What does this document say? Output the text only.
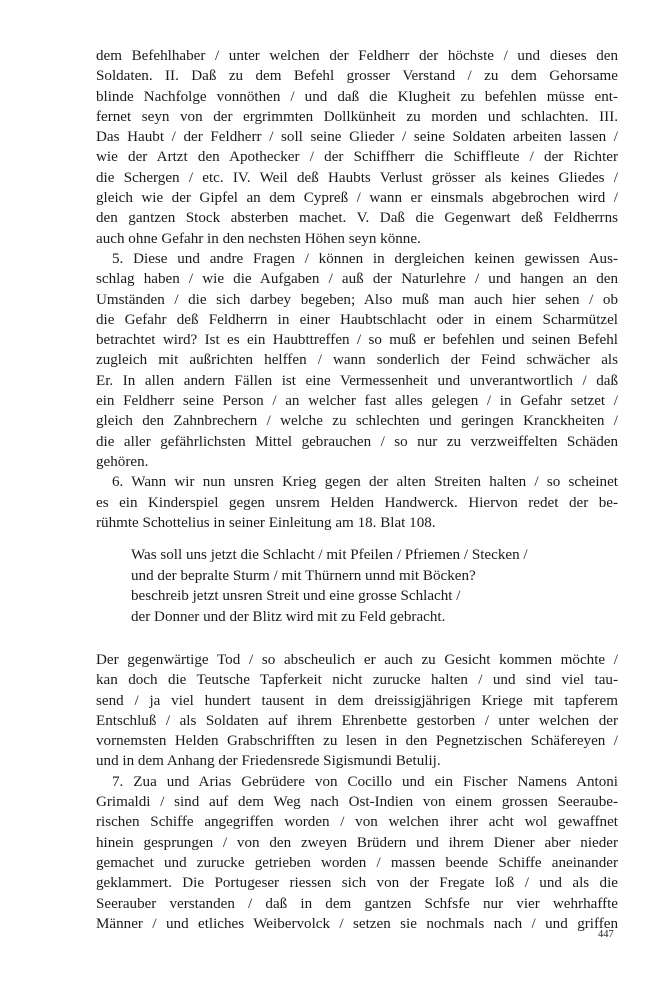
dem Befehlhaber / unter welchen der Feldherr der höchste / und dieses den
Soldaten. II. Daß zu dem Befehl grosser Verstand / zu dem Gehorsame
blinde Nachfolge vonnöthen / und daß die Klugheit zu befehlen müsse ent-
fernet seyn von der ergrimmten Dollkünheit zu morden und schlachten. III.
Das Haubt / der Feldherr / soll seine Glieder / seine Soldaten arbeiten lassen /
wie der Artzt den Apothecker / der Schiffherr die Schiffleute / der Richter
die Schergen / etc. IV. Weil deß Haubts Verlust grösser als keines Gliedes /
gleich wie der Gipfel an dem Cypreß / wann er einsmals abgebrochen wird /
den gantzen Stock absterben machet. V. Daß die Gegenwart deß Feldherrns
auch ohne Gefahr in den nechsten Höhen seyn könne.
5. Diese und andre Fragen / können in dergleichen keinen gewissen Aus-
schlag haben / wie die Aufgaben / auß der Naturlehre / und hangen an den
Umständen / die sich darbey begeben; Also muß man auch hier sehen / ob
die Gefahr deß Feldherrn in einer Haubtschlacht oder in einem Scharmützel
betrachtet wird? Ist es ein Haubttreffen / so muß er befehlen und seinen Befehl
zugleich mit außrichten helffen / wann sonderlich der Feind schwächer als
Er. In allen andern Fällen ist eine Vermessenheit und unverantwortlich / daß
ein Feldherr seine Person / an welcher fast alles gelegen / in Gefahr setzet /
gleich den Zahnbrechern / welche zu schlechten und geringen Kranckheiten /
die aller gefährlichsten Mittel gebrauchen / so nur zu verzweiffelten Schäden
gehören.
6. Wann wir nun unsren Krieg gegen der alten Streiten halten / so scheinet
es ein Kinderspiel gegen unsrem Helden Handwerck. Hiervon redet der be-
rühmte Schottelius in seiner Einleitung am 18. Blat 108.
Was soll uns jetzt die Schlacht / mit Pfeilen / Pfriemen / Stecken /
und der bepralte Sturm / mit Thürnern unnd mit Böcken?
beschreib jetzt unsren Streit und eine grosse Schlacht /
der Donner und der Blitz wird mit zu Feld gebracht.
Der gegenwärtige Tod / so abscheulich er auch zu Gesicht kommen möchte /
kan doch die Teutsche Tapferkeit nicht zurucke halten / und sind viel tau-
send / ja viel hundert tausent in dem dreissigjährigen Kriege mit tapferem
Entschluß / als Soldaten auf ihrem Ehrenbette gestorben / unter welchen der
vornemsten Helden Grabschrifften zu lesen in den Pegnetzischen Schäfereyen /
und in dem Anhang der Friedensrede Sigismundi Betulij.
7. Zua und Arias Gebrüdere von Cocillo und ein Fischer Namens Antoni
Grimaldi / sind auf dem Weg nach Ost-Indien von einem grossen Seeraube-
rischen Schiffe angegriffen worden / von welchen ihrer acht wol gewaffnet
hinein gesprungen / von den zweyen Brüdern und ihrem Diener aber nieder
gemachet und zurucke getrieben worden / massen beende Schiffe aneinander
geklammert. Die Portugeser riessen sich von der Fregate loß / und als die
Seerauber verstanden / daß in dem gantzen Schfsfe nur vier wehrhaffte
Männer / und etliches Weibervolck / setzen sie nochmals nach / und griffen
447
